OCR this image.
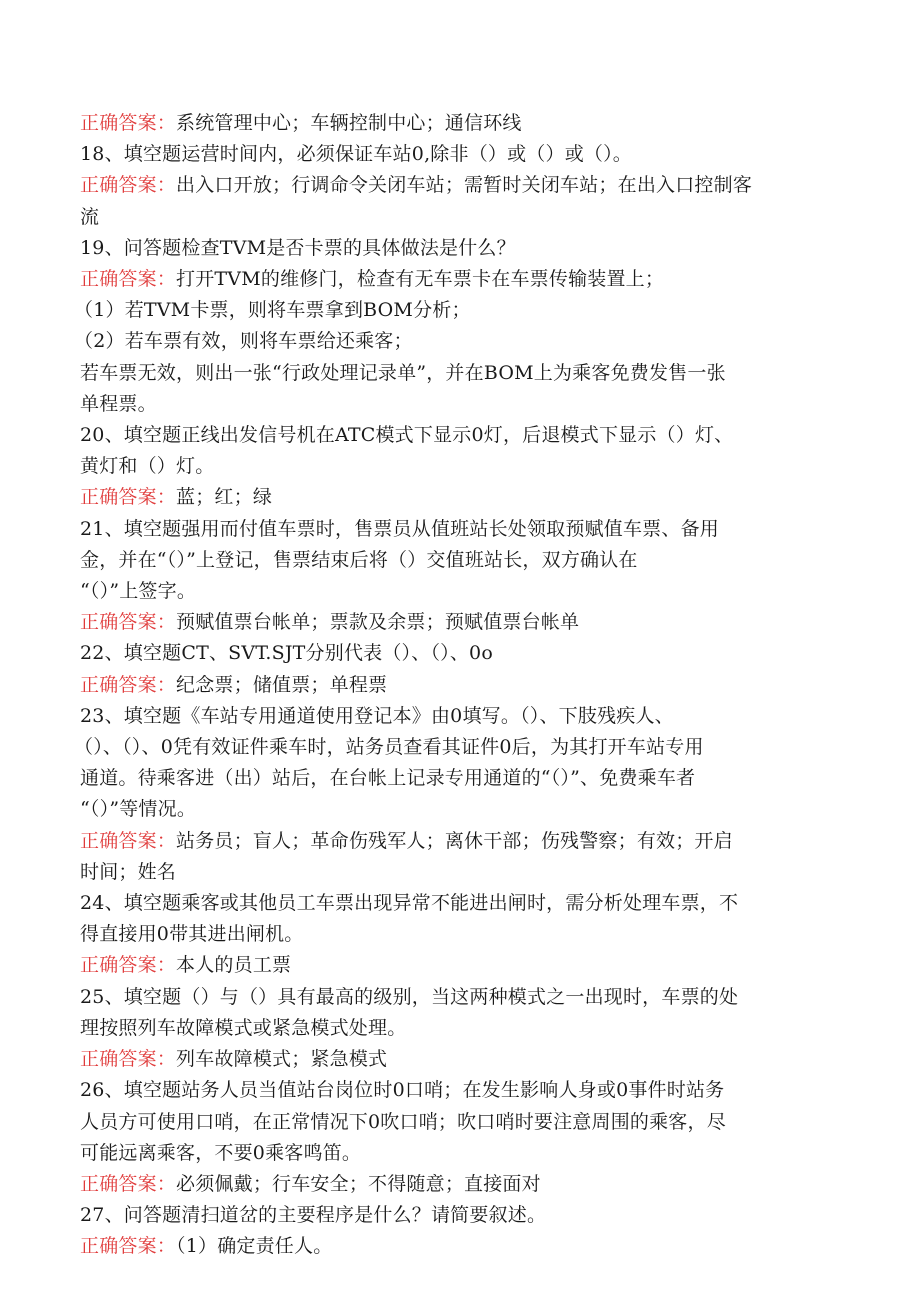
正确答案：系统管理中心；车辆控制中心；通信环线
18、填空题运营时间内，必须保证车站0,除非（）或（）或（）。
正确答案：出入口开放；行调命令关闭车站；需暂时关闭车站；在出入口控制客
流
19、问答题检查TVM是否卡票的具体做法是什么？
正确答案：打开TVM的维修门，检查有无车票卡在车票传输装置上；
（1）若TVM卡票，则将车票拿到BOM分析；
（2）若车票有效，则将车票给还乘客；
若车票无效，则出一张“行政处理记录单”，并在BOM上为乘客免费发售一张
单程票。
20、填空题正线出发信号机在ATC模式下显示0灯，后退模式下显示（）灯、
黄灯和（）灯。
正确答案：蓝；红；绿
21、填空题强用而付值车票时，售票员从值班站长处领取预赋值车票、备用
金，并在“（）”上登记，售票结束后将（）交值班站长，双方确认在
“（）”上签字。
正确答案：预赋值票台帐单；票款及余票；预赋值票台帐单
22、填空题CT、SVT.SJT分别代表（）、（）、0o
正确答案：纪念票；储值票；单程票
23、填空题《车站专用通道使用登记本》由0填写。（）、下肢残疾人、
（）、（）、0凭有效证件乘车时，站务员查看其证件0后，为其打开车站专用
通道。待乘客进（出）站后，在台帐上记录专用通道的“（）”、免费乘车者
“（）”等情况。
正确答案：站务员；盲人；革命伤残军人；离休干部；伤残警察；有效；开启
时间；姓名
24、填空题乘客或其他员工车票出现异常不能进出闸时，需分析处理车票，不
得直接用0带其进出闸机。
正确答案：本人的员工票
25、填空题（）与（）具有最高的级别，当这两种模式之一出现时，车票的处
理按照列车故障模式或紧急模式处理。
正确答案：列车故障模式；紧急模式
26、填空题站务人员当值站台岗位时0口哨；在发生影响人身或0事件时站务
人员方可使用口哨，在正常情况下0吹口哨；吹口哨时要注意周围的乘客，尽
可能远离乘客，不要0乘客鸣笛。
正确答案：必须佩戴；行车安全；不得随意；直接面对
27、问答题清扫道岔的主要程序是什么？请简要叙述。
正确答案：（1）确定责任人。
